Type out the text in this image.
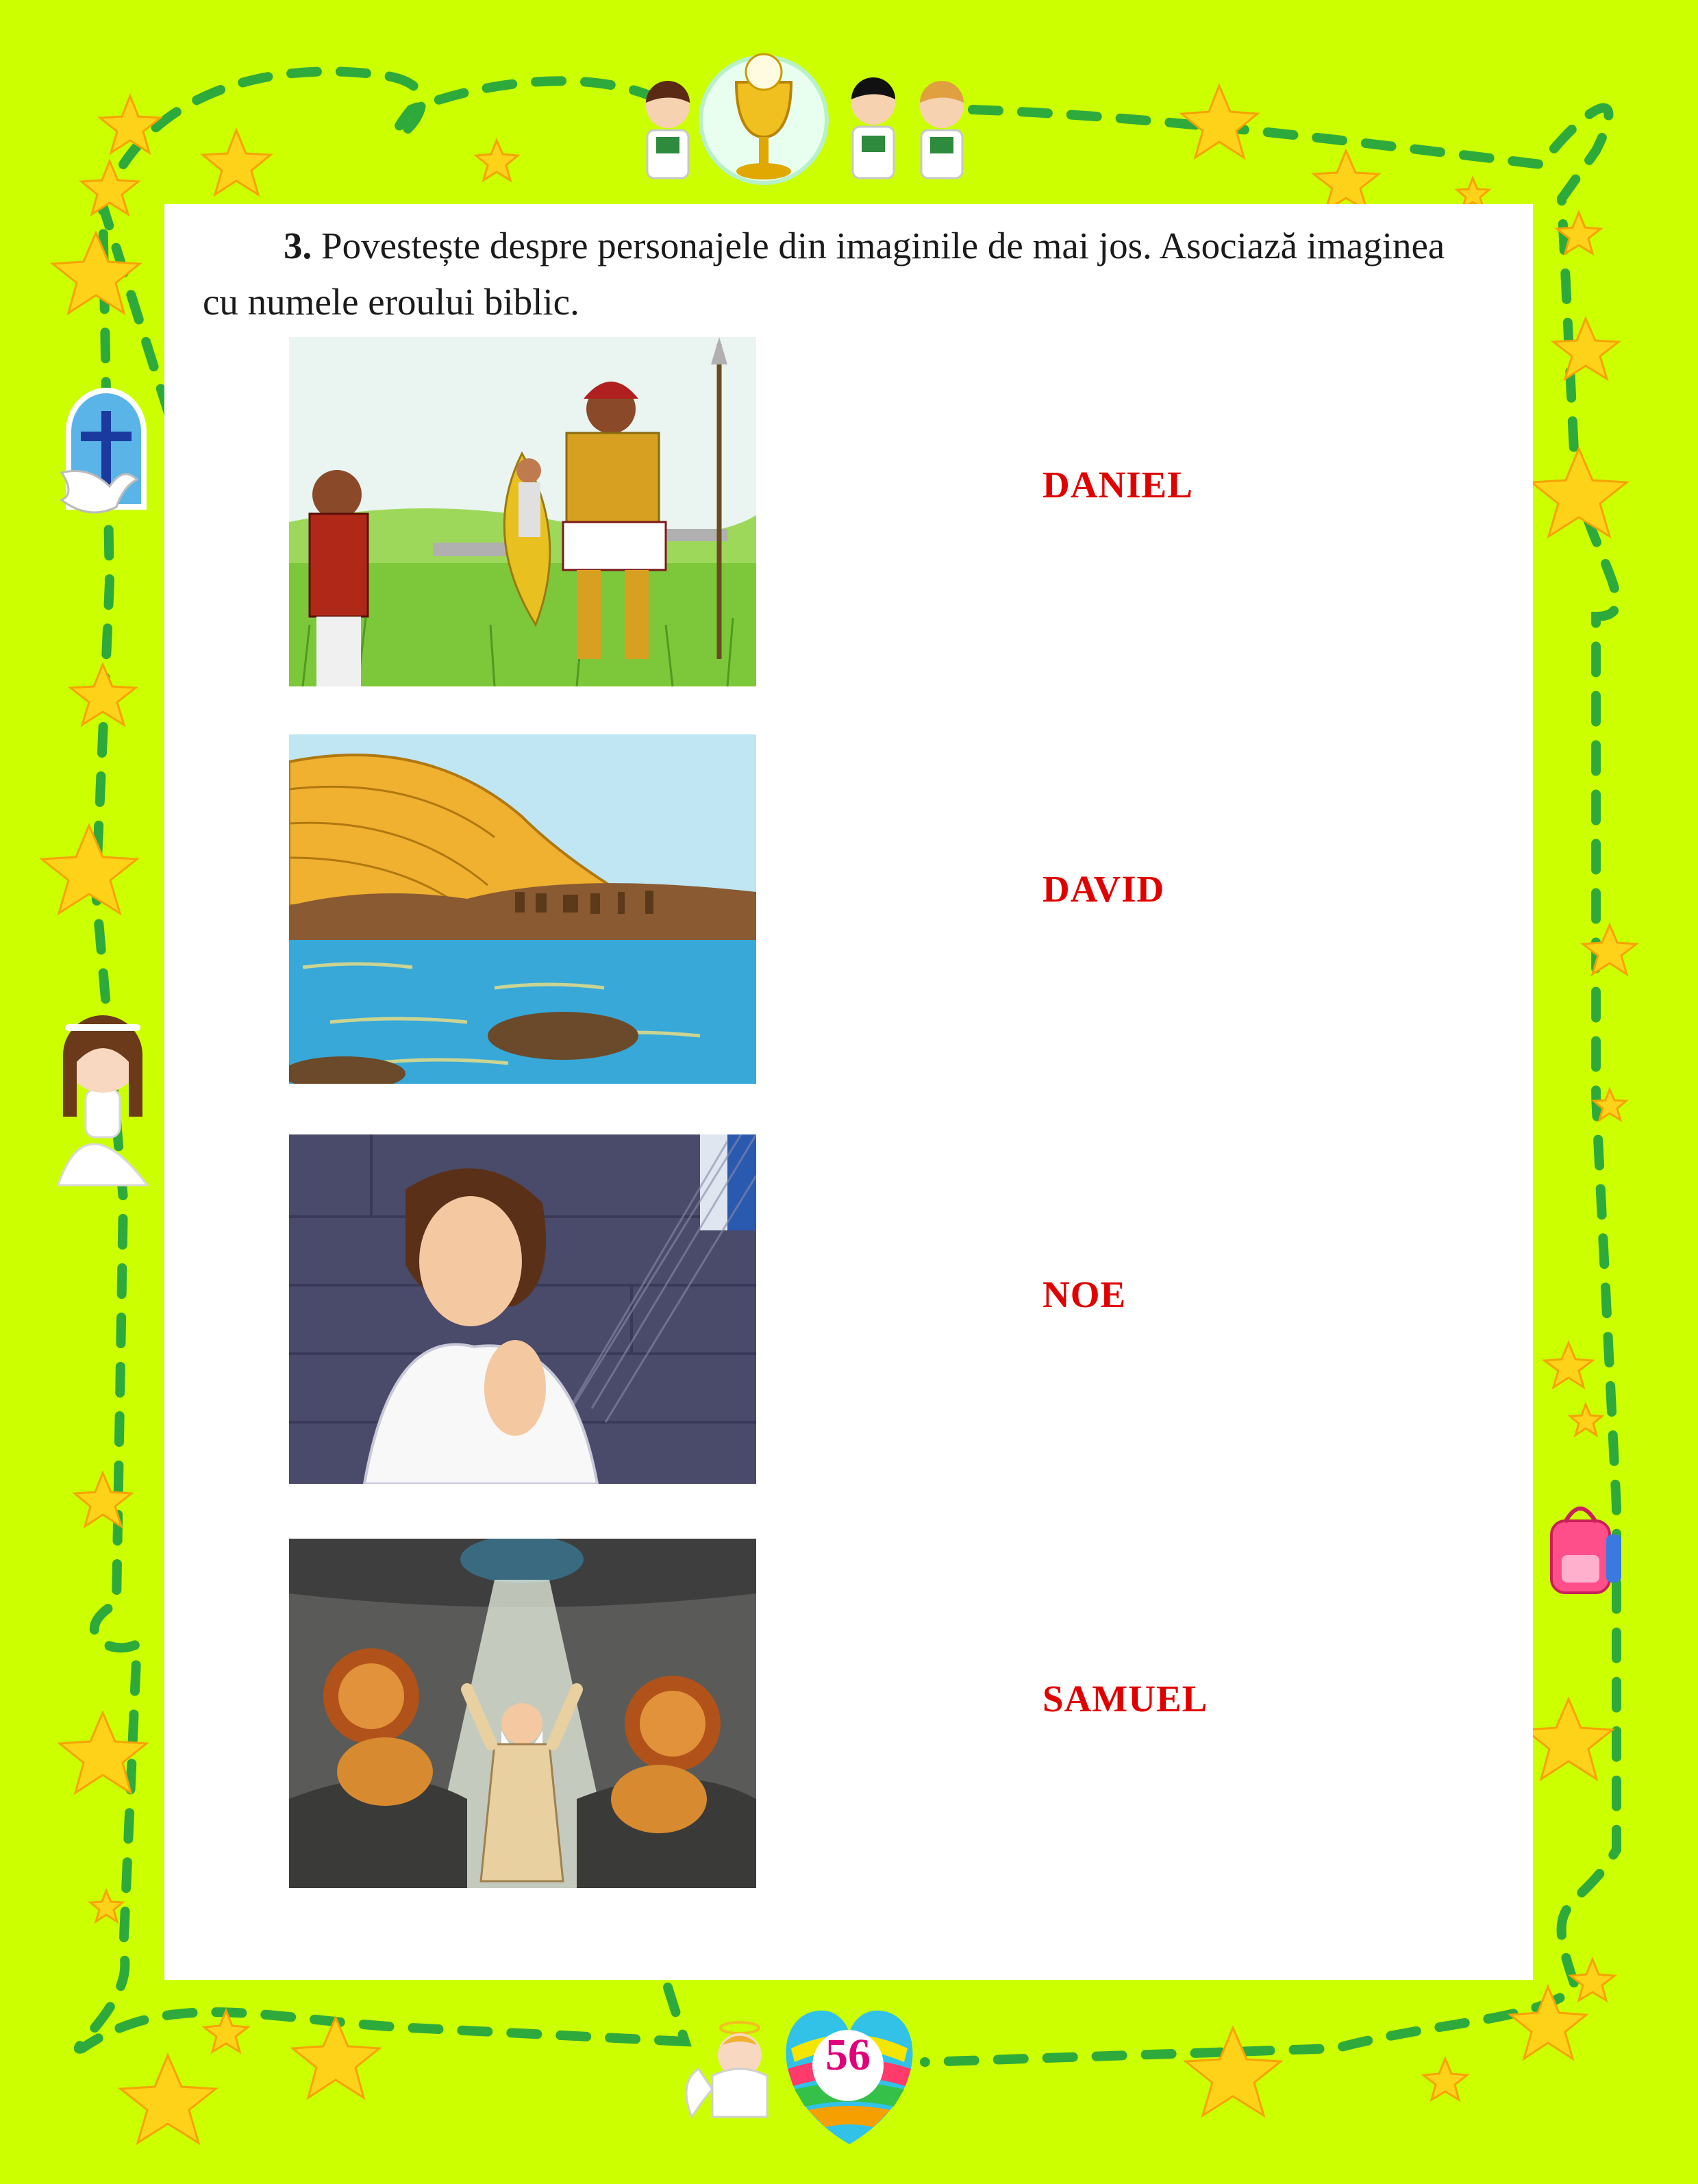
3. Povestește despre personajele din imaginile de mai jos. Asociază imaginea
cu numele eroului biblic.
DANIEL
DAVID
NOE
SAMUEL
56
